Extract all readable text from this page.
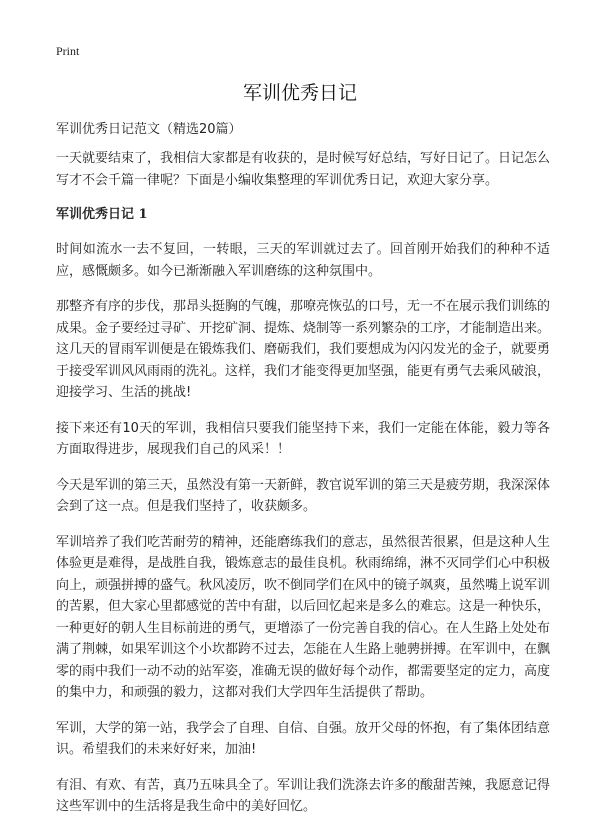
Print
军训优秀日记

军训优秀日记范文（精选20篇）

一天就要结束了，我相信大家都是有收获的，是时候写好总结，写好日记了。日记怎么写才不会千篇一律呢？下面是小编收集整理的军训优秀日记，欢迎大家分享。

军训优秀日记 1

时间如流水一去不复回，一转眼，三天的军训就过去了。回首刚开始我们的种种不适应，感慨颇多。如今已渐渐融入军训磨练的这种氛围中。

那整齐有序的步伐，那昂头挺胸的气魄，那嘹亮恢弘的口号，无一不在展示我们训练的成果。金子要经过寻矿、开挖矿洞、提炼、烧制等一系列繁杂的工序，才能制造出来。这几天的冒雨军训便是在锻炼我们、磨砺我们，我们要想成为闪闪发光的金子，就要勇于接受军训风风雨雨的洗礼。这样，我们才能变得更加坚强，能更有勇气去乘风破浪，迎接学习、生活的挑战!

接下来还有10天的军训，我相信只要我们能坚持下来，我们一定能在体能，毅力等各方面取得进步，展现我们自己的风采！！

今天是军训的第三天，虽然没有第一天新鲜，教官说军训的第三天是疲劳期，我深深体会到了这一点。但是我们坚持了，收获颇多。

军训培养了我们吃苦耐劳的精神，还能磨练我们的意志，虽然很苦很累，但是这种人生体验更是难得，是战胜自我，锻炼意志的最佳良机。秋雨绵绵，淋不灭同学们心中积极向上，顽强拼搏的盛气。秋风凌厉，吹不倒同学们在风中的镜子飒爽，虽然嘴上说军训的苦累，但大家心里都感觉的苦中有甜，以后回忆起来是多么的难忘。这是一种快乐，一种更好的朝人生目标前进的勇气，更增添了一份完善自我的信心。在人生路上处处布满了荆棘，如果军训这个小坎都跨不过去，怎能在人生路上驰骋拼搏。在军训中，在飘零的雨中我们一动不动的站军姿，准确无误的做好每个动作，都需要坚定的定力，高度的集中力，和顽强的毅力，这都对我们大学四年生活提供了帮助。

军训，大学的第一站，我学会了自理、自信、自强。放开父母的怀抱，有了集体团结意识。希望我们的未来好好来，加油!

有泪、有欢、有苦，真乃五味具全了。军训让我们洗涤去许多的酸甜苦辣，我愿意记得这些军训中的生活将是我生命中的美好回忆。
